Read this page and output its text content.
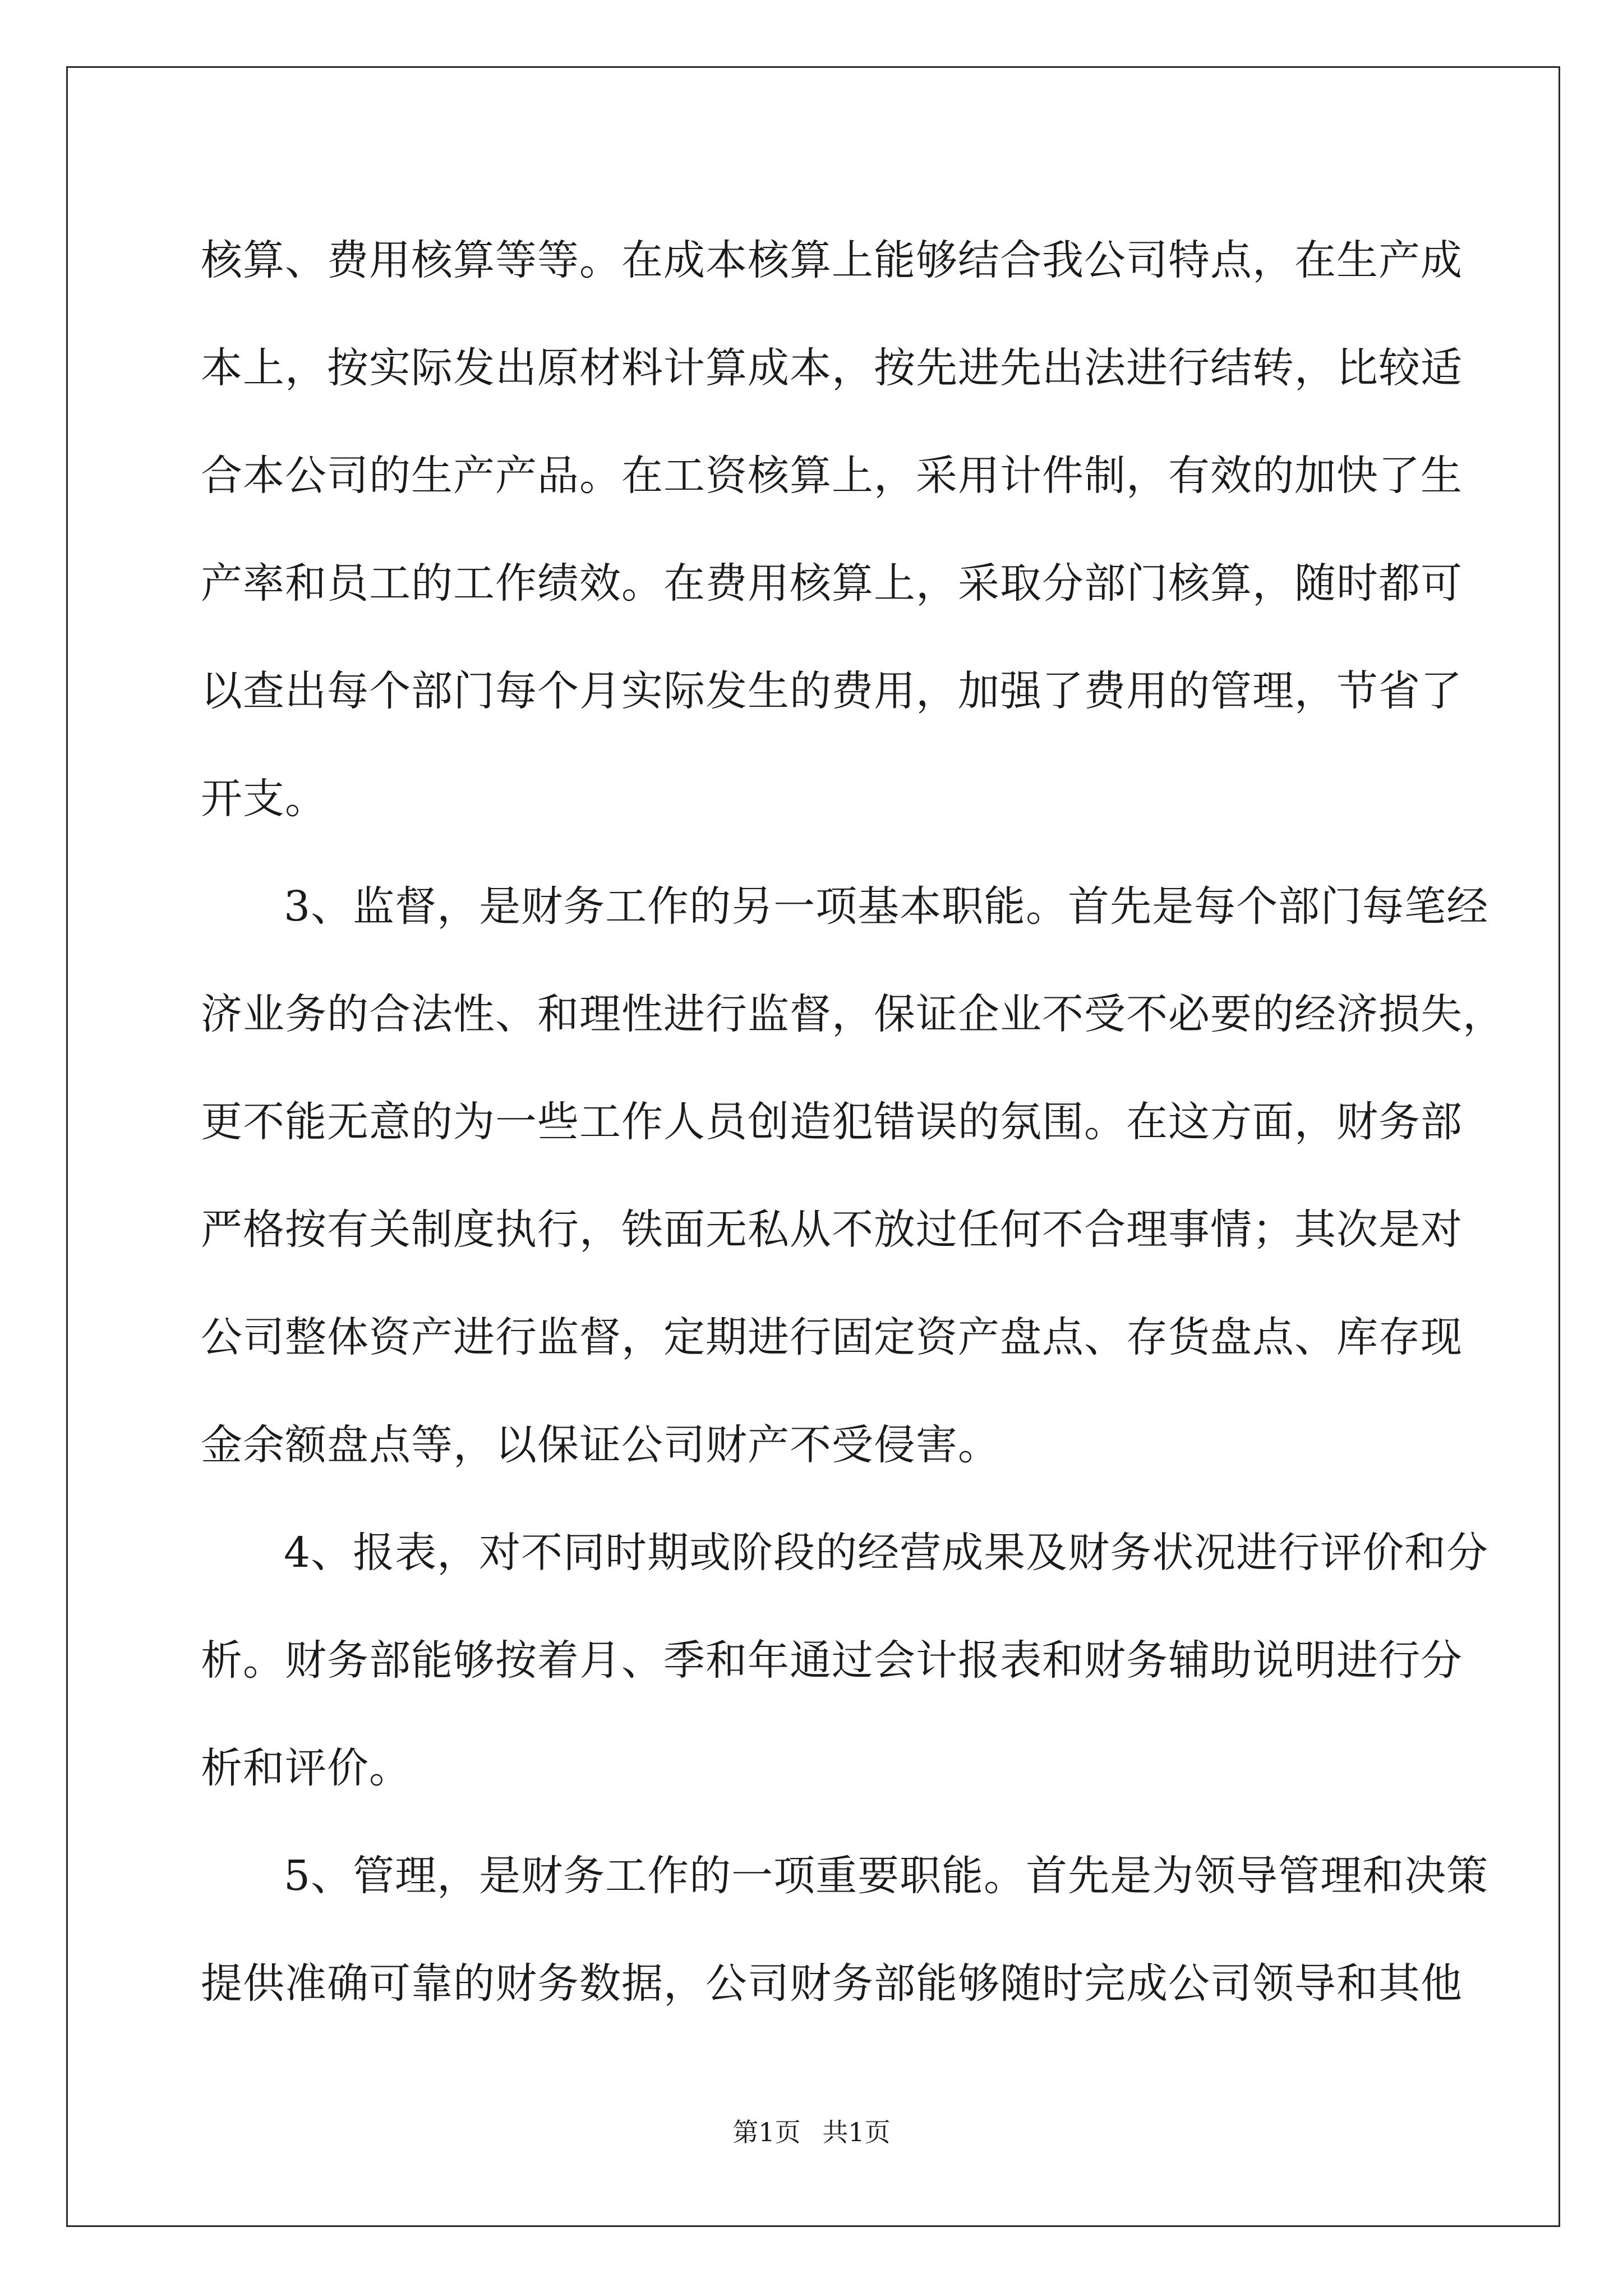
核算、费用核算等等。在成本核算上能够结合我公司特点，在生产成
本上，按实际发出原材料计算成本，按先进先出法进行结转，比较适
合本公司的生产产品。在工资核算上，采用计件制，有效的加快了生
产率和员工的工作绩效。在费用核算上，采取分部门核算，随时都可
以查出每个部门每个月实际发生的费用，加强了费用的管理，节省了
开支。
3、监督，是财务工作的另一项基本职能。首先是每个部门每笔经
济业务的合法性、和理性进行监督，保证企业不受不必要的经济损失，
更不能无意的为一些工作人员创造犯错误的氛围。在这方面，财务部
严格按有关制度执行，铁面无私从不放过任何不合理事情；其次是对
公司整体资产进行监督，定期进行固定资产盘点、存货盘点、库存现
金余额盘点等，以保证公司财产不受侵害。
4、报表，对不同时期或阶段的经营成果及财务状况进行评价和分
析。财务部能够按着月、季和年通过会计报表和财务辅助说明进行分
析和评价。
5、管理，是财务工作的一项重要职能。首先是为领导管理和决策
提供准确可靠的财务数据，公司财务部能够随时完成公司领导和其他
第1页 共1页
